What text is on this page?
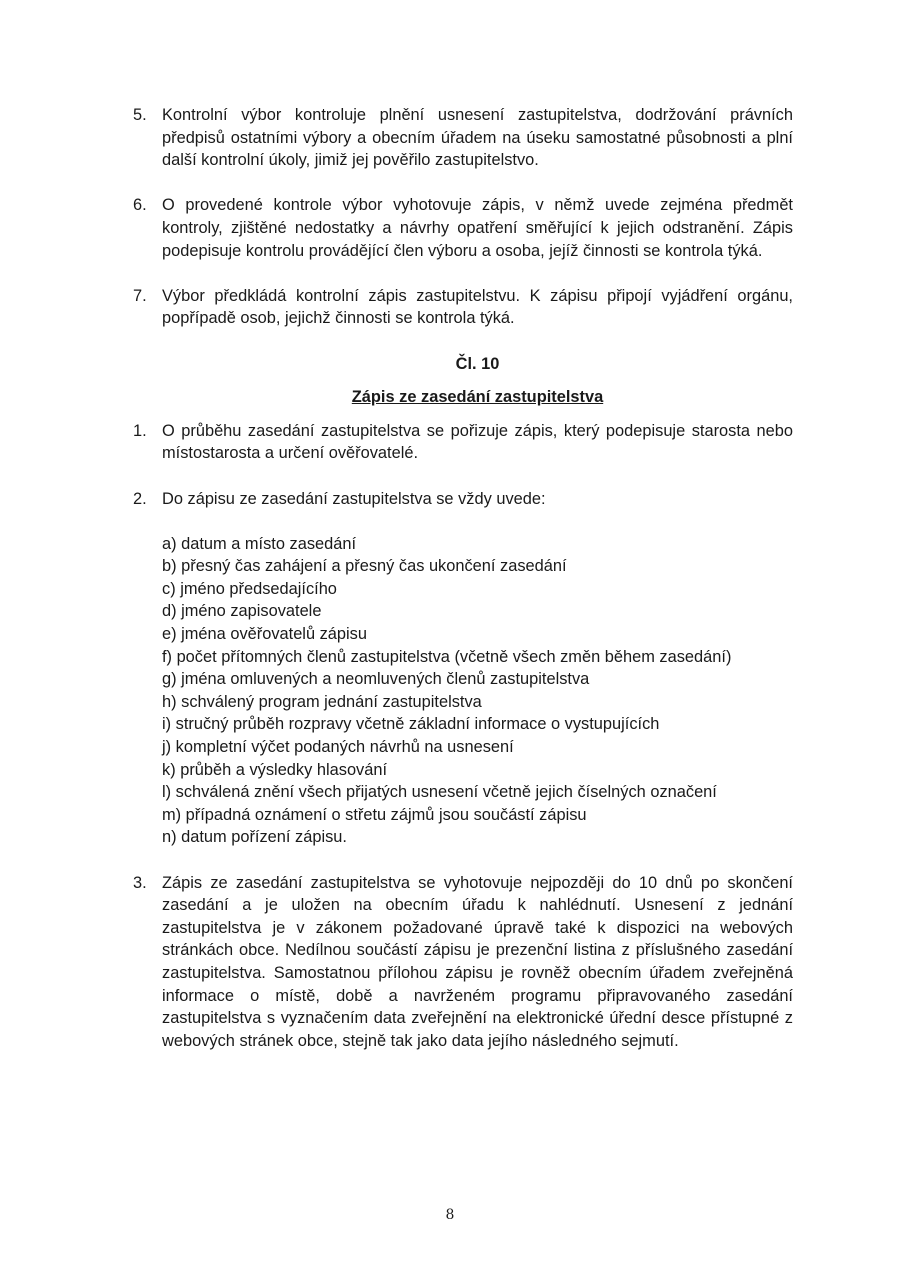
5. Kontrolní výbor kontroluje plnění usnesení zastupitelstva, dodržování právních předpisů ostatními výbory a obecním úřadem na úseku samostatné působnosti a plní další kontrolní úkoly, jimiž jej pověřilo zastupitelstvo.
6. O provedené kontrole výbor vyhotovuje zápis, v němž uvede zejména předmět kontroly, zjištěné nedostatky a návrhy opatření směřující k jejich odstranění. Zápis podepisuje kontrolu provádějící člen výboru a osoba, jejíž činnosti se kontrola týká.
7. Výbor předkládá kontrolní zápis zastupitelstvu. K zápisu připojí vyjádření orgánu, popřípadě osob, jejichž činnosti se kontrola týká.
Čl. 10
Zápis ze zasedání zastupitelstva
1. O průběhu zasedání zastupitelstva se pořizuje zápis, který podepisuje starosta nebo místostarosta a určení ověřovatelé.
2. Do zápisu ze zasedání zastupitelstva se vždy uvede:
a) datum a místo zasedání
b) přesný čas zahájení a přesný čas ukončení zasedání
c) jméno předsedajícího
d) jméno zapisovatele
e) jména ověřovatelů zápisu
f) počet přítomných členů zastupitelstva (včetně všech změn během zasedání)
g) jména omluvených a neomluvených členů zastupitelstva
h) schválený program jednání zastupitelstva
i) stručný průběh rozpravy včetně základní informace o vystupujících
j) kompletní výčet podaných návrhů na usnesení
k) průběh a výsledky hlasování
l) schválená znění všech přijatých usnesení včetně jejich číselných označení
m) případná oznámení o střetu zájmů jsou součástí zápisu
n) datum pořízení zápisu.
3. Zápis ze zasedání zastupitelstva se vyhotovuje nejpozději do 10 dnů po skončení zasedání a je uložen na obecním úřadu k nahlédnutí. Usnesení z jednání zastupitelstva je v zákonem požadované úpravě také k dispozici na webových stránkách obce. Nedílnou součástí zápisu je prezenční listina z příslušného zasedání zastupitelstva. Samostatnou přílohou zápisu je rovněž obecním úřadem zveřejněná informace o místě, době a navrženém programu připravovaného zasedání zastupitelstva s vyznačením data zveřejnění na elektronické úřední desce přístupné z webových stránek obce, stejně tak jako data jejího následného sejmutí.
8
